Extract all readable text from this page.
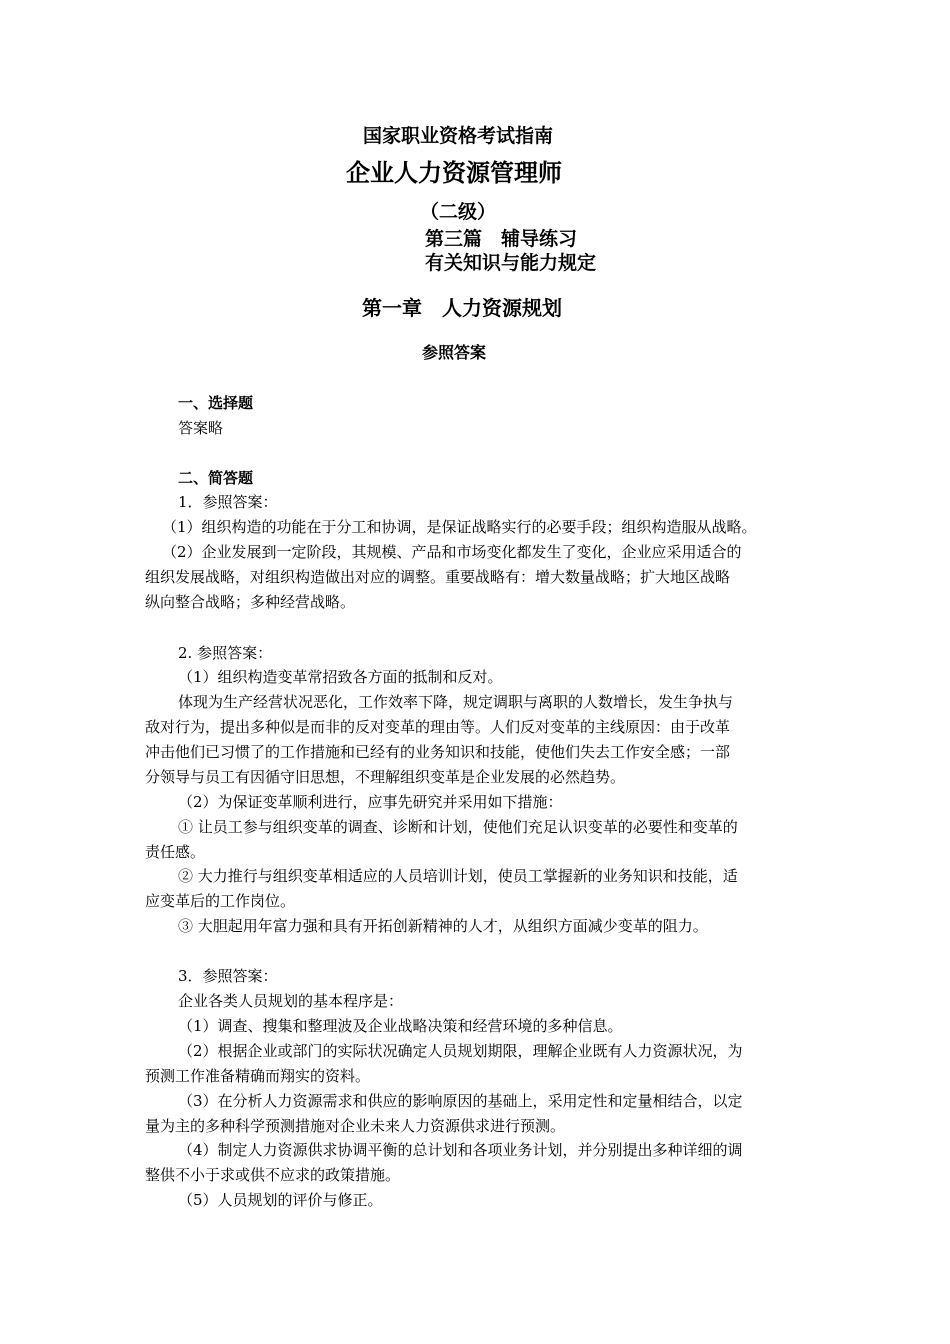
国家职业资格考试指南
企业人力资源管理师
（二级）
第三篇　辅导练习
有关知识与能力规定
第一章　人力资源规划
参照答案
一、选择题
答案略
二、简答题
1．参照答案：
（1）组织构造的功能在于分工和协调，是保证战略实行的必要手段；组织构造服从战略。
（2）企业发展到一定阶段，其规模、产品和市场变化都发生了变化，企业应采用适合的
组织发展战略，对组织构造做出对应的调整。重要战略有：增大数量战略；扩大地区战略
纵向整合战略；多种经营战略。
2. 参照答案：
（1）组织构造变革常招致各方面的抵制和反对。
体现为生产经营状况恶化，工作效率下降，规定调职与离职的人数增长，发生争执与
敌对行为，提出多种似是而非的反对变革的理由等。人们反对变革的主线原因：由于改革
冲击他们已习惯了的工作措施和已经有的业务知识和技能，使他们失去工作安全感；一部
分领导与员工有因循守旧思想，不理解组织变革是企业发展的必然趋势。
（2）为保证变革顺利进行，应事先研究并采用如下措施：
① 让员工参与组织变革的调查、诊断和计划，使他们充足认识变革的必要性和变革的
责任感。
② 大力推行与组织变革相适应的人员培训计划，使员工掌握新的业务知识和技能，适
应变革后的工作岗位。
③ 大胆起用年富力强和具有开拓创新精神的人才，从组织方面减少变革的阻力。
3．参照答案：
企业各类人员规划的基本程序是：
（1）调查、搜集和整理波及企业战略决策和经营环境的多种信息。
（2）根据企业或部门的实际状况确定人员规划期限，理解企业既有人力资源状况，为
预测工作准备精确而翔实的资料。
（3）在分析人力资源需求和供应的影响原因的基础上，采用定性和定量相结合，以定
量为主的多种科学预测措施对企业未来人力资源供求进行预测。
（4）制定人力资源供求协调平衡的总计划和各项业务计划，并分别提出多种详细的调
整供不小于求或供不应求的政策措施。
（5）人员规划的评价与修正。
